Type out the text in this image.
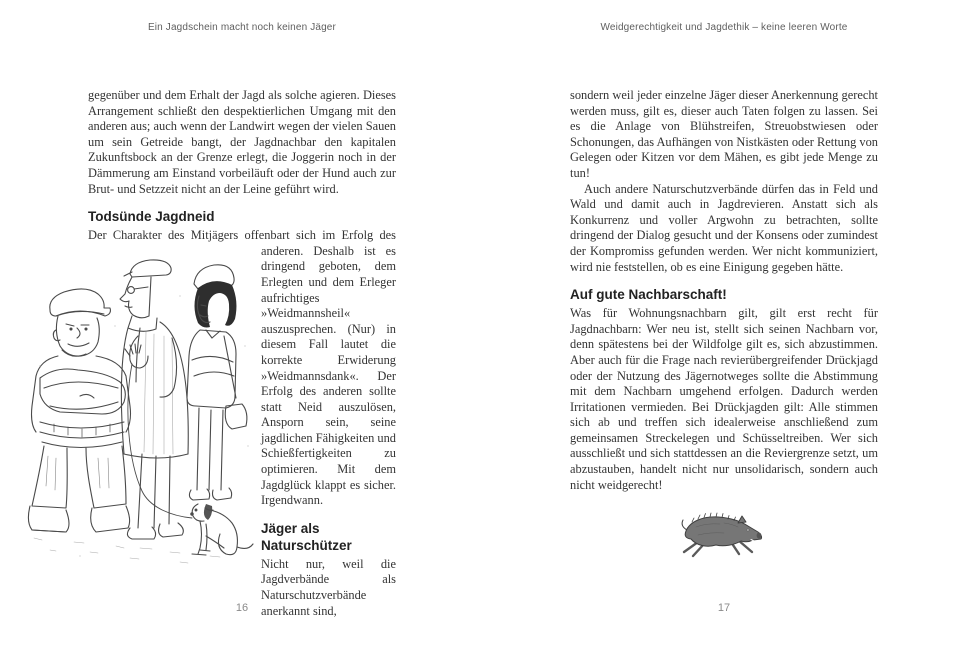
Ein Jagdschein macht noch keinen Jäger	Weidgerechtigkeit und Jagdethik – keine leeren Worte

gegenüber und dem Erhalt der Jagd als solche agieren. Dieses Arrangement schließt den despektierlichen Umgang mit den anderen aus; auch wenn der Landwirt wegen der vielen Sauen um sein Getreide bangt, der Jagdnachbar den kapitalen Zukunftsbock an der Grenze erlegt, die Joggerin noch in der Dämmerung am Einstand vorbeiläuft oder der Hund auch zur Brut- und Setzzeit nicht an der Leine geführt wird.

Todsünde Jagdneid

Der Charakter des Mitjägers offenbart sich im Erfolg des

anderen. Deshalb ist es dringend geboten, dem Erlegten und dem Erleger aufrichtiges »Weidmannsheil« auszusprechen. (Nur) in diesem Fall lautet die korrekte Erwiderung »Weidmannsdank«. Der Erfolg des anderen sollte statt Neid auszulösen, Ansporn sein, seine jagdlichen Fähigkeiten und Schießfertigkeiten zu optimieren. Mit dem Jagdglück klappt es sicher. Irgendwann.

Jäger als Naturschützer

Nicht nur, weil die Jagdverbände als Naturschutzverbände anerkannt sind,

sondern weil jeder einzelne Jäger dieser Anerkennung gerecht werden muss, gilt es, dieser auch Taten folgen zu lassen. Sei es die Anlage von Blühstreifen, Streuobstwiesen oder Schonungen, das Aufhängen von Nistkästen oder Rettung von Gelegen oder Kitzen vor dem Mähen, es gibt jede Menge zu tun!

Auch andere Naturschutzverbände dürfen das in Feld und Wald und damit auch in Jagdrevieren. Anstatt sich als Konkurrenz und voller Argwohn zu betrachten, sollte dringend der Dialog gesucht und der Konsens oder zumindest der Kompromiss gefunden werden. Wer nicht kommuniziert, wird nie feststellen, ob es eine Einigung gegeben hätte.

Auf gute Nachbarschaft!

Was für Wohnungsnachbarn gilt, gilt erst recht für Jagdnachbarn: Wer neu ist, stellt sich seinen Nachbarn vor, denn spätestens bei der Wildfolge gilt es, sich abzustimmen. Aber auch für die Frage nach revierübergreifender Drückjagd oder der Nutzung des Jägernotweges sollte die Abstimmung mit dem Nachbarn umgehend erfolgen. Dadurch werden Irritationen vermieden. Bei Drückjagden gilt: Alle stimmen sich ab und treffen sich idealerweise anschließend zum gemeinsamen Streckelegen und Schüsseltreiben. Wer sich ausschließt und sich stattdessen an die Reviergrenze setzt, um abzustauben, handelt nicht nur unsolidarisch, sondern auch nicht weidgerecht!

16	17
